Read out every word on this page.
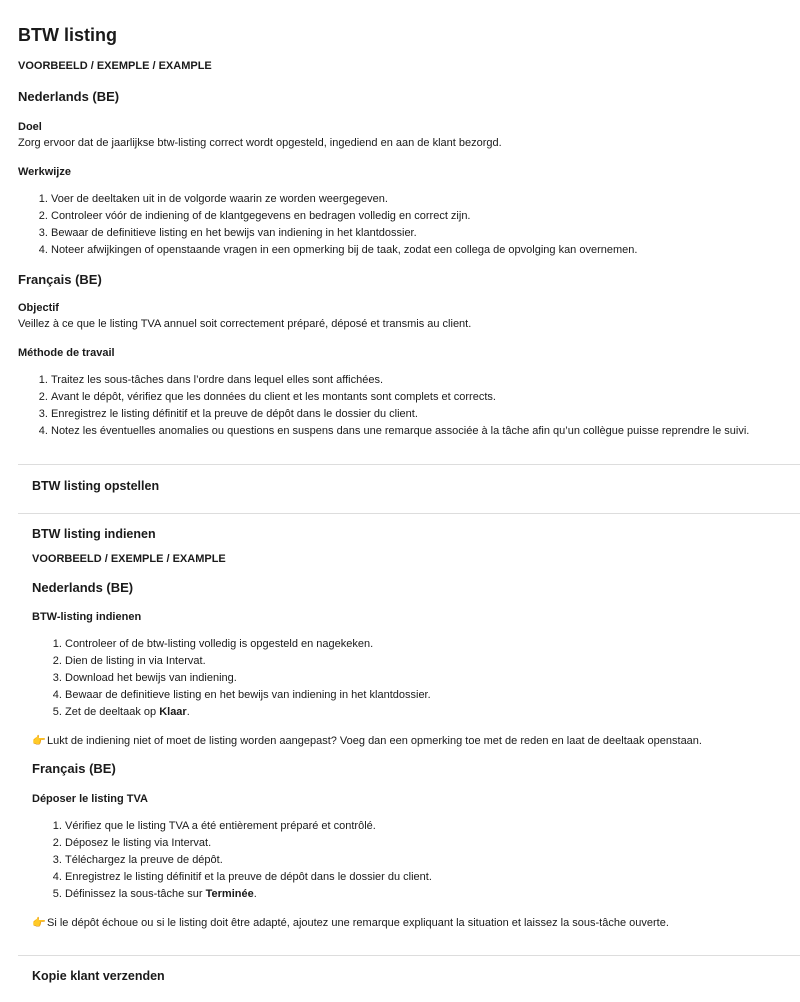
BTW listing
VOORBEELD / EXEMPLE / EXAMPLE
Nederlands (BE)
Doel
Zorg ervoor dat de jaarlijkse btw-listing correct wordt opgesteld, ingediend en aan de klant bezorgd.
Werkwijze
1. Voer de deeltaken uit in de volgorde waarin ze worden weergegeven.
2. Controleer vóór de indiening of de klantgegevens en bedragen volledig en correct zijn.
3. Bewaar de definitieve listing en het bewijs van indiening in het klantdossier.
4. Noteer afwijkingen of openstaande vragen in een opmerking bij de taak, zodat een collega de opvolging kan overnemen.
Français (BE)
Objectif
Veillez à ce que le listing TVA annuel soit correctement préparé, déposé et transmis au client.
Méthode de travail
1. Traitez les sous-tâches dans l’ordre dans lequel elles sont affichées.
2. Avant le dépôt, vérifiez que les données du client et les montants sont complets et corrects.
3. Enregistrez le listing définitif et la preuve de dépôt dans le dossier du client.
4. Notez les éventuelles anomalies ou questions en suspens dans une remarque associée à la tâche afin qu’un collègue puisse reprendre le suivi.
BTW listing opstellen
BTW listing indienen
VOORBEELD / EXEMPLE / EXAMPLE
Nederlands (BE)
BTW-listing indienen
1. Controleer of de btw-listing volledig is opgesteld en nagekeken.
2. Dien de listing in via Intervat.
3. Download het bewijs van indiening.
4. Bewaar de definitieve listing en het bewijs van indiening in het klantdossier.
5. Zet de deeltaak op Klaar.
👉Lukt de indiening niet of moet de listing worden aangepast? Voeg dan een opmerking toe met de reden en laat de deeltaak openstaan.
Français (BE)
Déposer le listing TVA
1. Vérifiez que le listing TVA a été entièrement préparé et contrôlé.
2. Déposez le listing via Intervat.
3. Téléchargez la preuve de dépôt.
4. Enregistrez le listing définitif et la preuve de dépôt dans le dossier du client.
5. Définissez la sous-tâche sur Terminée.
👉Si le dépôt échoue ou si le listing doit être adapté, ajoutez une remarque expliquant la situation et laissez la sous-tâche ouverte.
Kopie klant verzenden
